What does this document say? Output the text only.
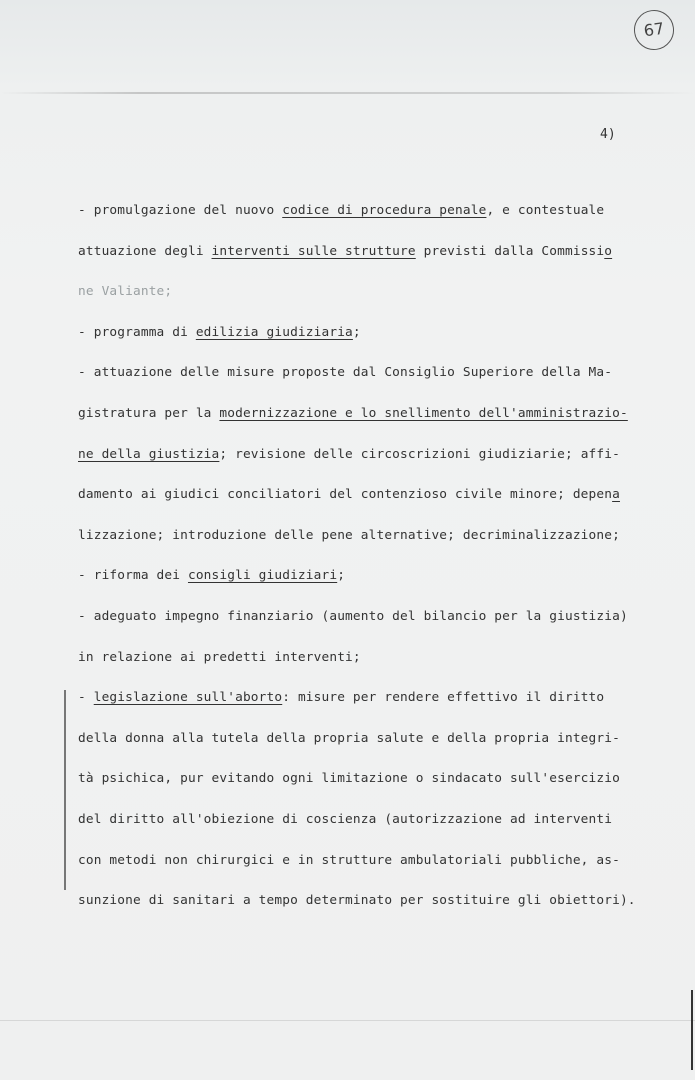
67
4)
- promulgazione del nuovo codice di procedura penale, e contestuale
attuazione degli interventi sulle strutture previsti dalla Commissio
ne Valiante;
- programma di edilizia giudiziaria;
- attuazione delle misure proposte dal Consiglio Superiore della Ma-
gistratura per la modernizzazione e lo snellimento dell'amministrazio-
ne della giustizia; revisione delle circoscrizioni giudiziarie; affi-
damento ai giudici conciliatori del contenzioso civile minore; depena
lizzazione; introduzione delle pene alternative; decriminalizzazione;
- riforma dei consigli giudiziari;
- adeguato impegno finanziario (aumento del bilancio per la giustizia)
in relazione ai predetti interventi;
- legislazione sull'aborto: misure per rendere effettivo il diritto
della donna alla tutela della propria salute e della propria integri-
tà psichica, pur evitando ogni limitazione o sindacato sull'esercizio
del diritto all'obiezione di coscienza (autorizzazione ad interventi
con metodi non chirurgici e in strutture ambulatoriali pubbliche, as-
sunzione di sanitari a tempo determinato per sostituire gli obiettori).
